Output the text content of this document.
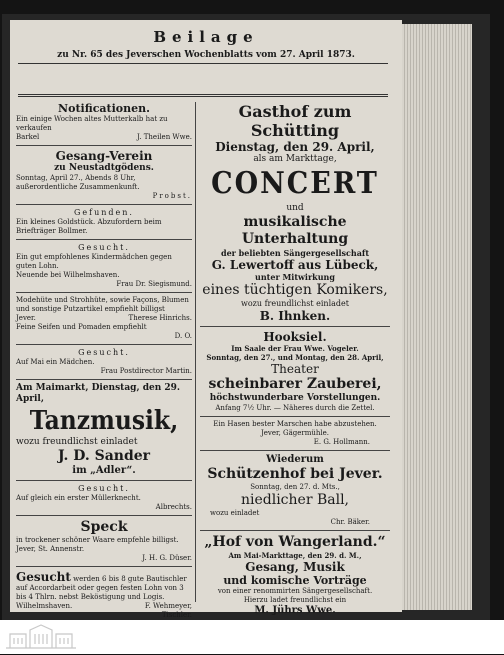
Beilage
zu Nr. 65 des Jeverschen Wochenblatts vom 27. April 1873.
Notificationen.
Ein einige Wochen altes Mutterkalb hat zu verkaufen
Barkel	J. Theilen Wwe.
Gesang-Verein
zu Neustadtgödens.
Sonntag, April 27., Abends 8 Uhr, außerordentliche Zusammenkunft.
Probst.
Gefunden.
Ein kleines Goldstück. Abzufordern beim Briefträger Bollmer.
Gesucht.
Ein gut empfohlenes Kindermädchen gegen guten Lohn.
Neuende bei Wilhelmshaven.
Frau Dr. Siegismund.
Modehüte und Strohhüte, sowie Façons, Blumen und sonstige Putzartikel empfiehlt billigst
Jever.	Therese Hinrichs.
Feine Seifen und Pomaden empfiehlt
D. O.
Gesucht.
Auf Mai ein Mädchen.
Frau Postdirector Martin.
Am Maimarkt, Dienstag, den 29. April,
Tanzmusik,
wozu freundlichst einladet
J. D. Sander
im „Adler“.
Gesucht.
Auf gleich ein erster Müllerknecht.
Albrechts.
Speck
in trockener schöner Waare empfehle billigst.
Jever, St. Annenstr.
J. H. G. Düser.
Gesucht werden 6 bis 8 gute Bautischler auf Accordarbeit oder gegen festen Lohn von 3 bis 4 Thlrn. nebst Beköstigung und Logis.
Wilhelmshaven.	F. Wehmeyer,
Tischler.
Gasthof zum Schütting
Dienstag, den 29. April,
als am Markttage,
CONCERT
und
musikalische Unterhaltung
der beliebten Sängergesellschaft
G. Lewertoff aus Lübeck,
unter Mitwirkung
eines tüchtigen Komikers,
wozu freundlichst einladet
B. Ihnken.
Hooksiel.
Im Saale der Frau Wwe. Vogeler.
Sonntag, den 27., und Montag, den 28. April,
Theater
scheinbarer Zauberei,
höchstwunderbare Vorstellungen.
Anfang 7½ Uhr. — Näheres durch die Zettel.
Ein Hasen bester Marschen habe abzustehen.
Jever, Gägermühle.
E. G. Hollmann.
Wiederum
Schützenhof bei Jever.
Sonntag, den 27. d. Mts.,
niedlicher Ball,
wozu einladet
Chr. Bäker.
„Hof von Wangerland.“
Am Mai-Markttage, den 29. d. M.,
Gesang, Musik
und komische Vorträge
von einer renommirten Sängergesellschaft.
Hierzu ladet freundlichst ein
M. Jührs Wwe.
